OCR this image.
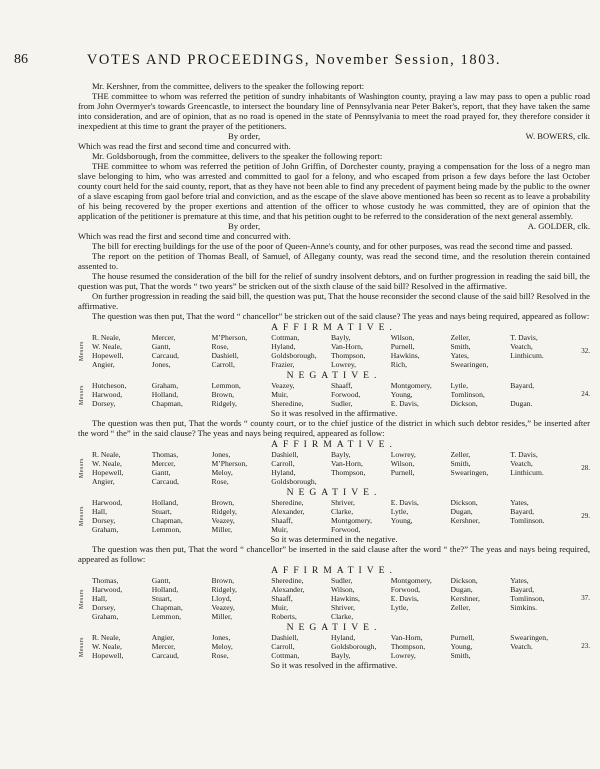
86	VOTES AND PROCEEDINGS, November Session, 1803.

Mr. Kershner, from the committee, delivers to the speaker the following report:

THE committee to whom was referred the petition of sundry inhabitants of Washington county, praying a law may pass to open a public road from John Overmyer's towards Greencastle, to intersect the boundary line of Pennsylvania near Peter Baker's, report, that they have taken the same into consideration, and are of opinion, that as no road is opened in the state of Pennsylvania to meet the road prayed for, they therefore consider it inexpedient at this time to grant the prayer of the petitioners.

By order,	W. BOWERS, clk.

Which was read the first and second time and concurred with.

Mr. Goldsborough, from the committee, delivers to the speaker the following report:

THE committee to whom was referred the petition of John Griffin, of Dorchester county, praying a compensation for the loss of a negro man slave belonging to him, who was arrested and committed to gaol for a felony, and who escaped from prison a few days before the last October county court held for the said county, report, that as they have not been able to find any precedent of payment being made by the public to the owner of a slave escaping from gaol before trial and conviction, and as the escape of the slave above mentioned has been so recent as to leave a probability of his being recovered by the proper exertions and attention of the officer to whose custody he was committed, they are of opinion that the application of the petitioner is premature at this time, and that his petition ought to be referred to the consideration of the next general assembly.

By order,	A. GOLDER, clk.

Which was read the first and second time and concurred with.

The bill for erecting buildings for the use of the poor of Queen-Anne's county, and for other purposes, was read the second time and passed.

The report on the petition of Thomas Beall, of Samuel, of Allegany county, was read the second time, and the resolution therein contained assented to.

The house resumed the consideration of the bill for the relief of sundry insolvent debtors, and on further progression in reading the said bill, the question was put, That the words “ two years” be stricken out of the sixth clause of the said bill? Resolved in the affirmative.

On further progression in reading the said bill, the question was put, That the house reconsider the second clause of the said bill? Resolved in the affirmative.

The question was then put, That the word “ chancellor” be stricken out of the said clause? The yeas and nays being required, appeared as follow:

AFFIRMATIVE.
Messrs	R. Neale,	Mercer,	M’Pherson,	Cottman,	Bayly,	Wilson,	Zeller,	T. Davis,	32.
	W. Neale,	Gantt,	Rose,	Hyland,	Van-Horn,	Purnell,	Smith,	Veatch,	
	Hopewell,	Carcaud,	Dashiell,	Goldsborough,	Thompson,	Hawkins,	Yates,	Linthicum.	
	Angier,	Jones,	Carroll,	Frazier,	Lowrey,	Rich,	Swearingen,		
NEGATIVE.
Messrs	Hutcheson,	Graham,	Lemmon,	Veazey,	Shaaff,	Montgomery,	Lytle,	Bayard,	24.
	Harwood,	Holland,	Brown,	Muir,	Forwood,	Young,	Tomlinson,		
	Dorsey,	Chapman,	Ridgely,	Sheredine,	Sudler,	E. Davis,	Dickson,	Dugan.	
So it was resolved in the affirmative.

The question was then put, That the words “ county court, or to the chief justice of the district in which such debtor resides,” be inserted after the word “ the” in the said clause? The yeas and nays being required, appeared as follow:

AFFIRMATIVE.
Messrs	R. Neale,	Thomas,	Jones,	Dashiell,	Bayly,	Lowrey,	Zeller,	T. Davis,	28.
	W. Neale,	Mercer,	M’Pherson,	Carroll,	Van-Horn,	Wilson,	Smith,	Veatch,	
	Hopewell,	Gantt,	Meloy,	Hyland,	Thompson,	Purnell,	Swearingen,	Linthicum.	
	Angier,	Carcaud,	Rose,	Goldsborough,					
NEGATIVE.
Messrs	Harwood,	Holland,	Brown,	Sheredine,	Shriver,	E. Davis,	Dickson,	Yates,	29.
	Hall,	Stuart,	Ridgely,	Alexander,	Clarke,	Lytle,	Dugan,	Bayard,	
	Dorsey,	Chapman,	Veazey,	Shaaff,	Montgomery,	Young,	Kershner,	Tomlinson.	
	Graham,	Lemmon,	Miller,	Muir,	Forwood,				
So it was determined in the negative.

The question was then put, That the word “ chancellor” be inserted in the said clause after the word “ the?” The yeas and nays being required, appeared as follow:

AFFIRMATIVE.
Messrs	Thomas,	Gantt,	Brown,	Sheredine,	Sudler,	Montgomery,	Dickson,	Yates,	37.
	Harwood,	Holland,	Ridgely,	Alexander,	Wilson,	Forwood,	Dugan,	Bayard,	
	Hall,	Stuart,	Lloyd,	Shaaff,	Hawkins,	E. Davis,	Kershner,	Tomlinson,	
	Dorsey,	Chapman,	Veazey,	Muir,	Shriver,	Lytle,	Zeller,	Simkins.	
	Graham,	Lemmon,	Miller,	Roberts,	Clarke,				
NEGATIVE.
Messrs	R. Neale,	Angier,	Jones,	Dashiell,	Hyland,	Van-Horn,	Purnell,	Swearingen,	23.
	W. Neale,	Mercer,	Meloy,	Carroll,	Goldsborough,	Thompson,	Young,	Veatch.	
	Hopewell,	Carcaud,	Rose,	Cottman,	Bayly,	Lowrey,	Smith,		
So it was resolved in the affirmative.
